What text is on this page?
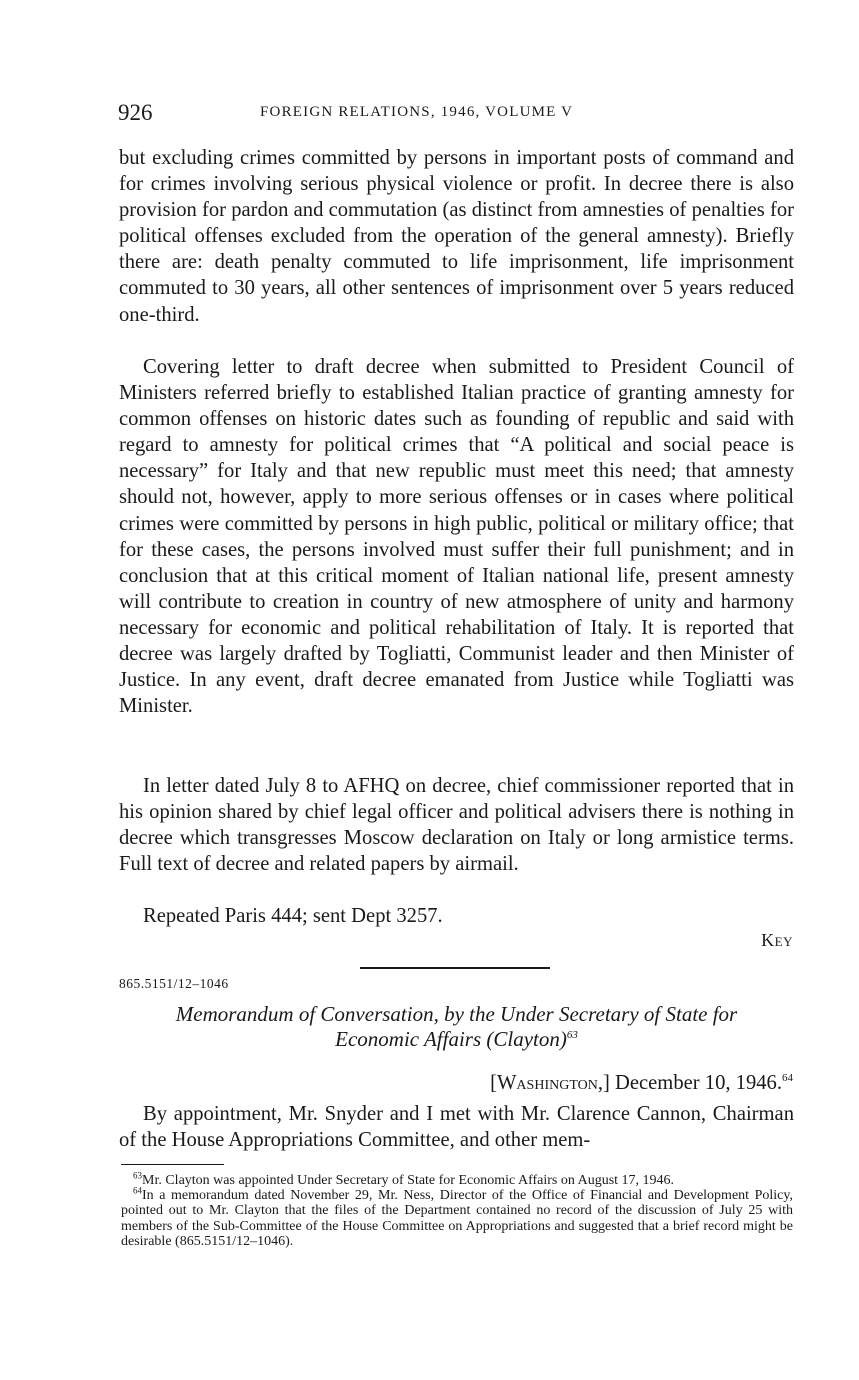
926	FOREIGN RELATIONS, 1946, VOLUME V

but excluding crimes committed by persons in important posts of command and for crimes involving serious physical violence or profit. In decree there is also provision for pardon and commutation (as distinct from amnesties of penalties for political offenses excluded from the operation of the general amnesty). Briefly there are: death penalty commuted to life imprisonment, life imprisonment commuted to 30 years, all other sentences of imprisonment over 5 years reduced one-third.

Covering letter to draft decree when submitted to President Council of Ministers referred briefly to established Italian practice of granting amnesty for common offenses on historic dates such as founding of republic and said with regard to amnesty for political crimes that “A political and social peace is necessary” for Italy and that new republic must meet this need; that amnesty should not, however, apply to more serious offenses or in cases where political crimes were committed by persons in high public, political or military office; that for these cases, the persons involved must suffer their full punishment; and in conclusion that at this critical moment of Italian national life, present amnesty will contribute to creation in country of new atmosphere of unity and harmony necessary for economic and political rehabilitation of Italy. It is reported that decree was largely drafted by Togliatti, Communist leader and then Minister of Justice. In any event, draft decree emanated from Justice while Togliatti was Minister.

In letter dated July 8 to AFHQ on decree, chief commissioner reported that in his opinion shared by chief legal officer and political advisers there is nothing in decree which transgresses Moscow declaration on Italy or long armistice terms. Full text of decree and related papers by airmail.

Repeated Paris 444; sent Dept 3257.

Key
865.5151/12–1046
Memorandum of Conversation, by the Under Secretary of State for
Economic Affairs (Clayton)$^{63}$
[Washington,] December 10, 1946.64

By appointment, Mr. Snyder and I met with Mr. Clarence Cannon, Chairman of the House Appropriations Committee, and other mem-

$^{63}$Mr. Clayton was appointed Under Secretary of State for Economic Affairs on August 17, 1946.

$^{64}$In a memorandum dated November 29, Mr. Ness, Director of the Office of Financial and Development Policy, pointed out to Mr. Clayton that the files of the Department contained no record of the discussion of July 25 with members of the Sub-Committee of the House Committee on Appropriations and suggested that a brief record might be desirable (865.5151/12–1046).
